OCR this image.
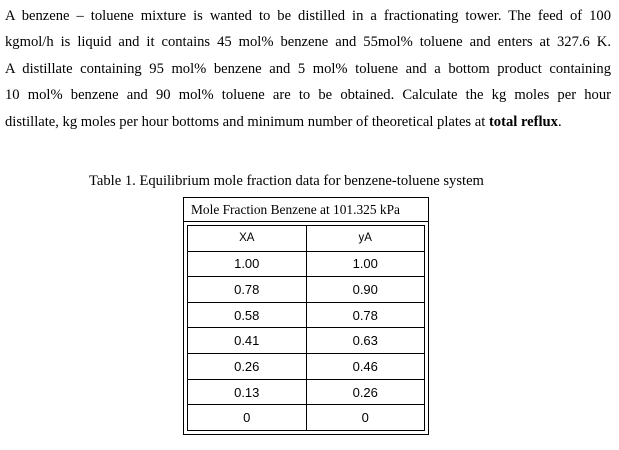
A benzene – toluene mixture is wanted to be distilled in a fractionating tower. The feed of 100
kgmol/h is liquid and it contains 45 mol% benzene and 55mol% toluene and enters at 327.6 K.
A distillate containing 95 mol% benzene and 5 mol% toluene and a bottom product containing
10 mol% benzene and 90 mol% toluene are to be obtained. Calculate the kg moles per hour
distillate, kg moles per hour bottoms and minimum number of theoretical plates at total reflux.
Table 1. Equilibrium mole fraction data for benzene-toluene system
Mole Fraction Benzene at 101.325 kPa
XA	yA
1.00	1.00
0.78	0.90
0.58	0.78
0.41	0.63
0.26	0.46
0.13	0.26
0	0
